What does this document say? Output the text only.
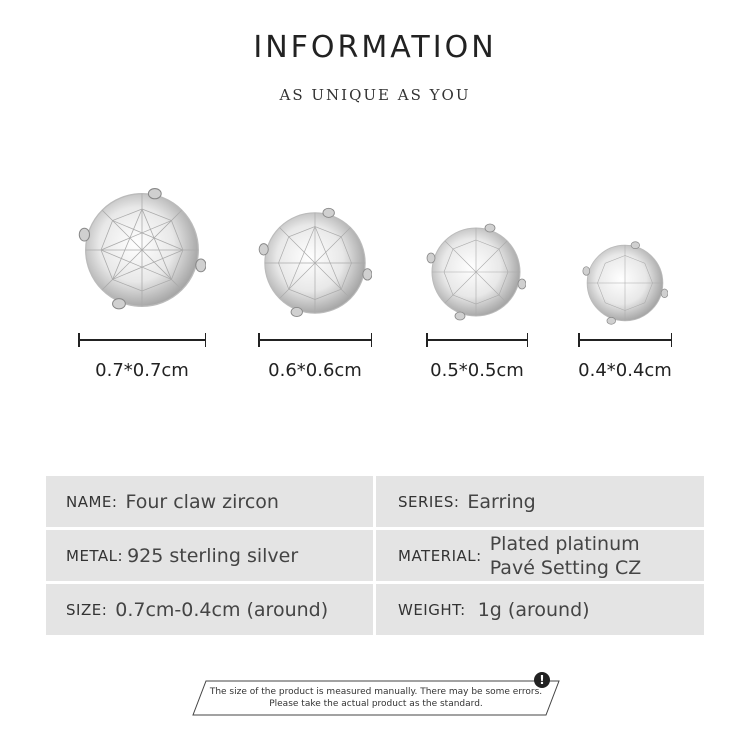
INFORMATION
AS UNIQUE AS YOU
0.7*0.7cm	0.6*0.6cm	0.5*0.5cm	0.4*0.4cm
NAME: Four claw zircon	SERIES: Earring
METAL: 925 sterling silver	MATERIAL:
Plated platinum
Pavé Setting CZ
SIZE: 0.7cm-0.4cm (around)	WEIGHT: 1g (around)
The size of the product is measured manually. There may be some errors.
Please take the actual product as the standard.
!
